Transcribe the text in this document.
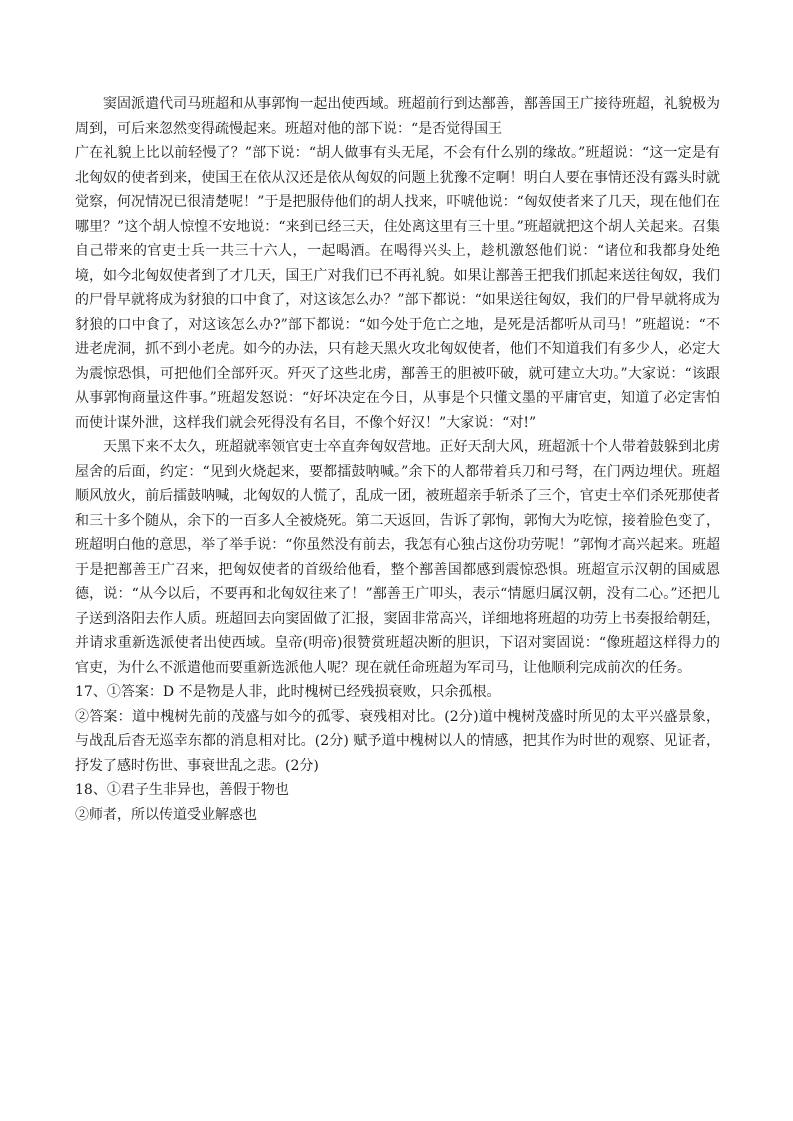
窦固派遣代司马班超和从事郭恂一起出使西域。班超前行到达鄯善，鄯善国王广接待班超，礼貌极为周到，可后来忽然变得疏慢起来。班超对他的部下说：“是否觉得国王

广在礼貌上比以前轻慢了？”部下说：“胡人做事有头无尾，不会有什么别的缘故。”班超说：“这一定是有北匈奴的使者到来，使国王在依从汉还是依从匈奴的问题上犹豫不定啊！明白人要在事情还没有露头时就觉察，何况情况已很清楚呢！”于是把服侍他们的胡人找来，吓唬他说：“匈奴使者来了几天，现在他们在哪里？”这个胡人惊惶不安地说：“来到已经三天，住处离这里有三十里。”班超就把这个胡人关起来。召集自己带来的官吏士兵一共三十六人，一起喝酒。在喝得兴头上，趁机激怒他们说：“诸位和我都身处绝境，如今北匈奴使者到了才几天，国王广对我们已不再礼貌。如果让鄯善王把我们抓起来送往匈奴，我们的尸骨早就将成为豺狼的口中食了，对这该怎么办？”部下都说：“如果送往匈奴，我们的尸骨早就将成为豺狼的口中食了，对这该怎么办?”部下都说：“如今处于危亡之地，是死是活都听从司马！”班超说：“不进老虎洞，抓不到小老虎。如今的办法，只有趁天黑火攻北匈奴使者，他们不知道我们有多少人，必定大为震惊恐惧，可把他们全部歼灭。歼灭了这些北虏，鄯善王的胆被吓破，就可建立大功。”大家说：“该跟从事郭恂商量这件事。”班超发怒说：“好坏决定在今日，从事是个只懂文墨的平庸官吏，知道了必定害怕而使计谋外泄，这样我们就会死得没有名目，不像个好汉！”大家说：“对!”

天黑下来不太久，班超就率领官吏士卒直奔匈奴营地。正好天刮大风，班超派十个人带着鼓躲到北虏屋舍的后面，约定：“见到火烧起来，要都擂鼓呐喊。”余下的人都带着兵刀和弓弩，在门两边埋伏。班超顺风放火，前后擂鼓呐喊，北匈奴的人慌了，乱成一团，被班超亲手斩杀了三个，官吏士卒们杀死那使者和三十多个随从，余下的一百多人全被烧死。第二天返回，告诉了郭恂，郭恂大为吃惊，接着脸色变了，班超明白他的意思，举了举手说：“你虽然没有前去，我怎有心独占这份功劳呢！”郭恂才高兴起来。班超于是把鄯善王广召来，把匈奴使者的首级给他看，整个鄯善国都感到震惊恐惧。班超宣示汉朝的国威恩德，说：“从今以后，不要再和北匈奴往来了！”鄯善王广叩头，表示“情愿归属汉朝，没有二心。”还把儿子送到洛阳去作人质。班超回去向窦固做了汇报，窦固非常高兴，详细地将班超的功劳上书奏报给朝廷，并请求重新选派使者出使西域。皇帝(明帝)很赞赏班超决断的胆识，下诏对窦固说：“像班超这样得力的官吏，为什么不派遣他而要重新选派他人呢？现在就任命班超为军司马，让他顺利完成前次的任务。

17、①答案：D 不是物是人非，此时槐树已经残损衰败，只余孤根。

②答案：道中槐树先前的茂盛与如今的孤零、衰残相对比。(2分)道中槐树茂盛时所见的太平兴盛景象，与战乱后杳无巡幸东都的消息相对比。(2分) 赋予道中槐树以人的情感，把其作为时世的观察、见证者，抒发了感时伤世、事衰世乱之悲。(2分)

18、①君子生非异也，善假于物也

②师者，所以传道受业解惑也
